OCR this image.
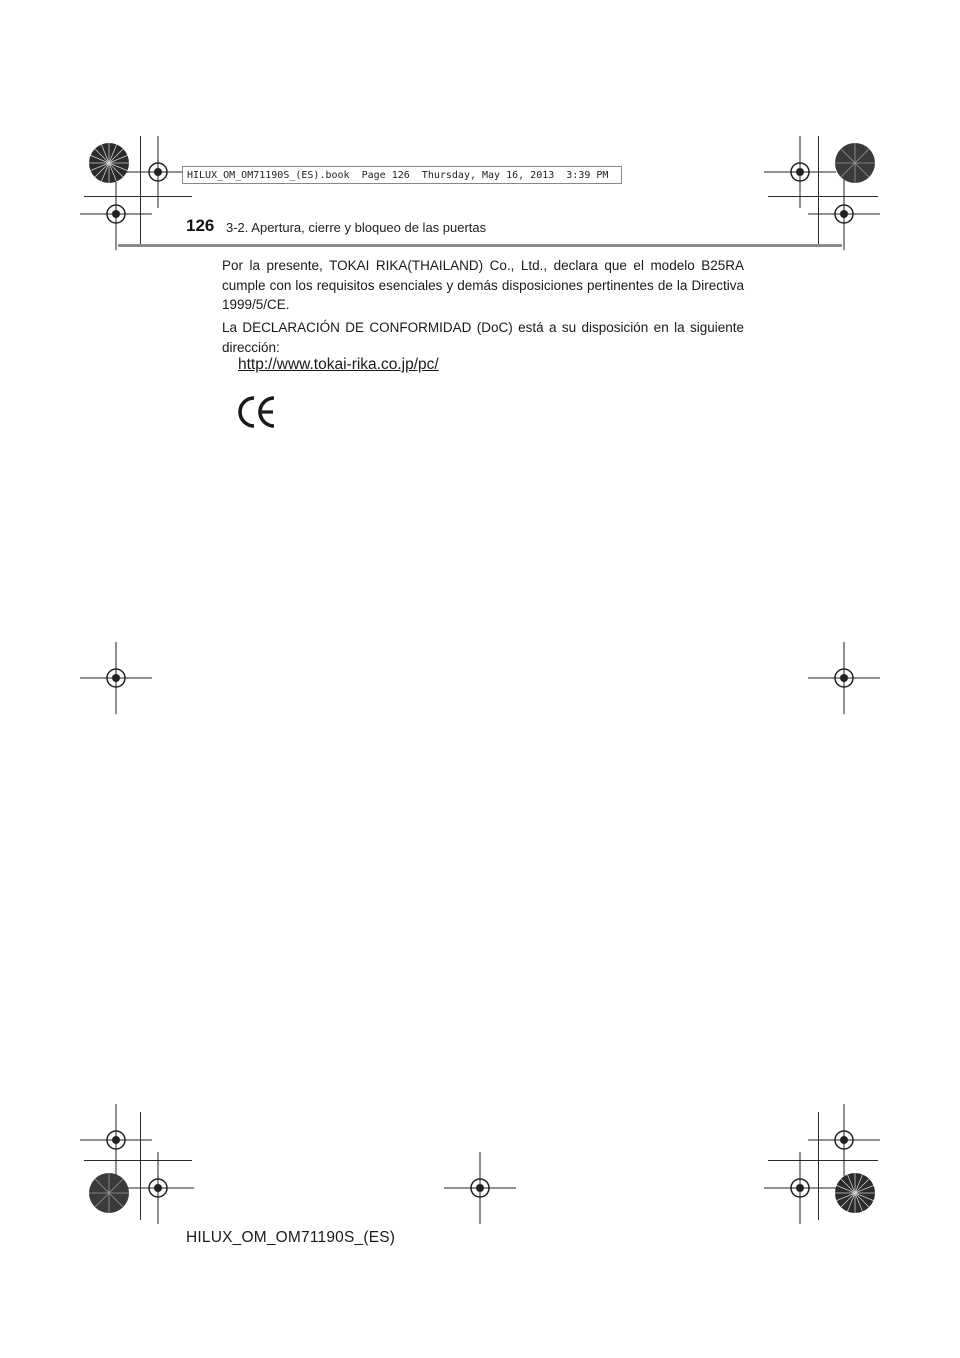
HILUX_OM_OM71190S_(ES).book  Page 126  Thursday, May 16, 2013  3:39 PM
126 3-2. Apertura, cierre y bloqueo de las puertas

Por la presente, TOKAI RIKA(THAILAND) Co., Ltd., declara que el modelo B25RA cumple con los requisitos esenciales y demás disposiciones pertinentes de la Directiva 1999/5/CE.

La DECLARACIÓN DE CONFORMIDAD (DoC) está a su disposición en la siguiente dirección:

http://www.tokai-rika.co.jp/pc/
HILUX_OM_OM71190S_(ES)
